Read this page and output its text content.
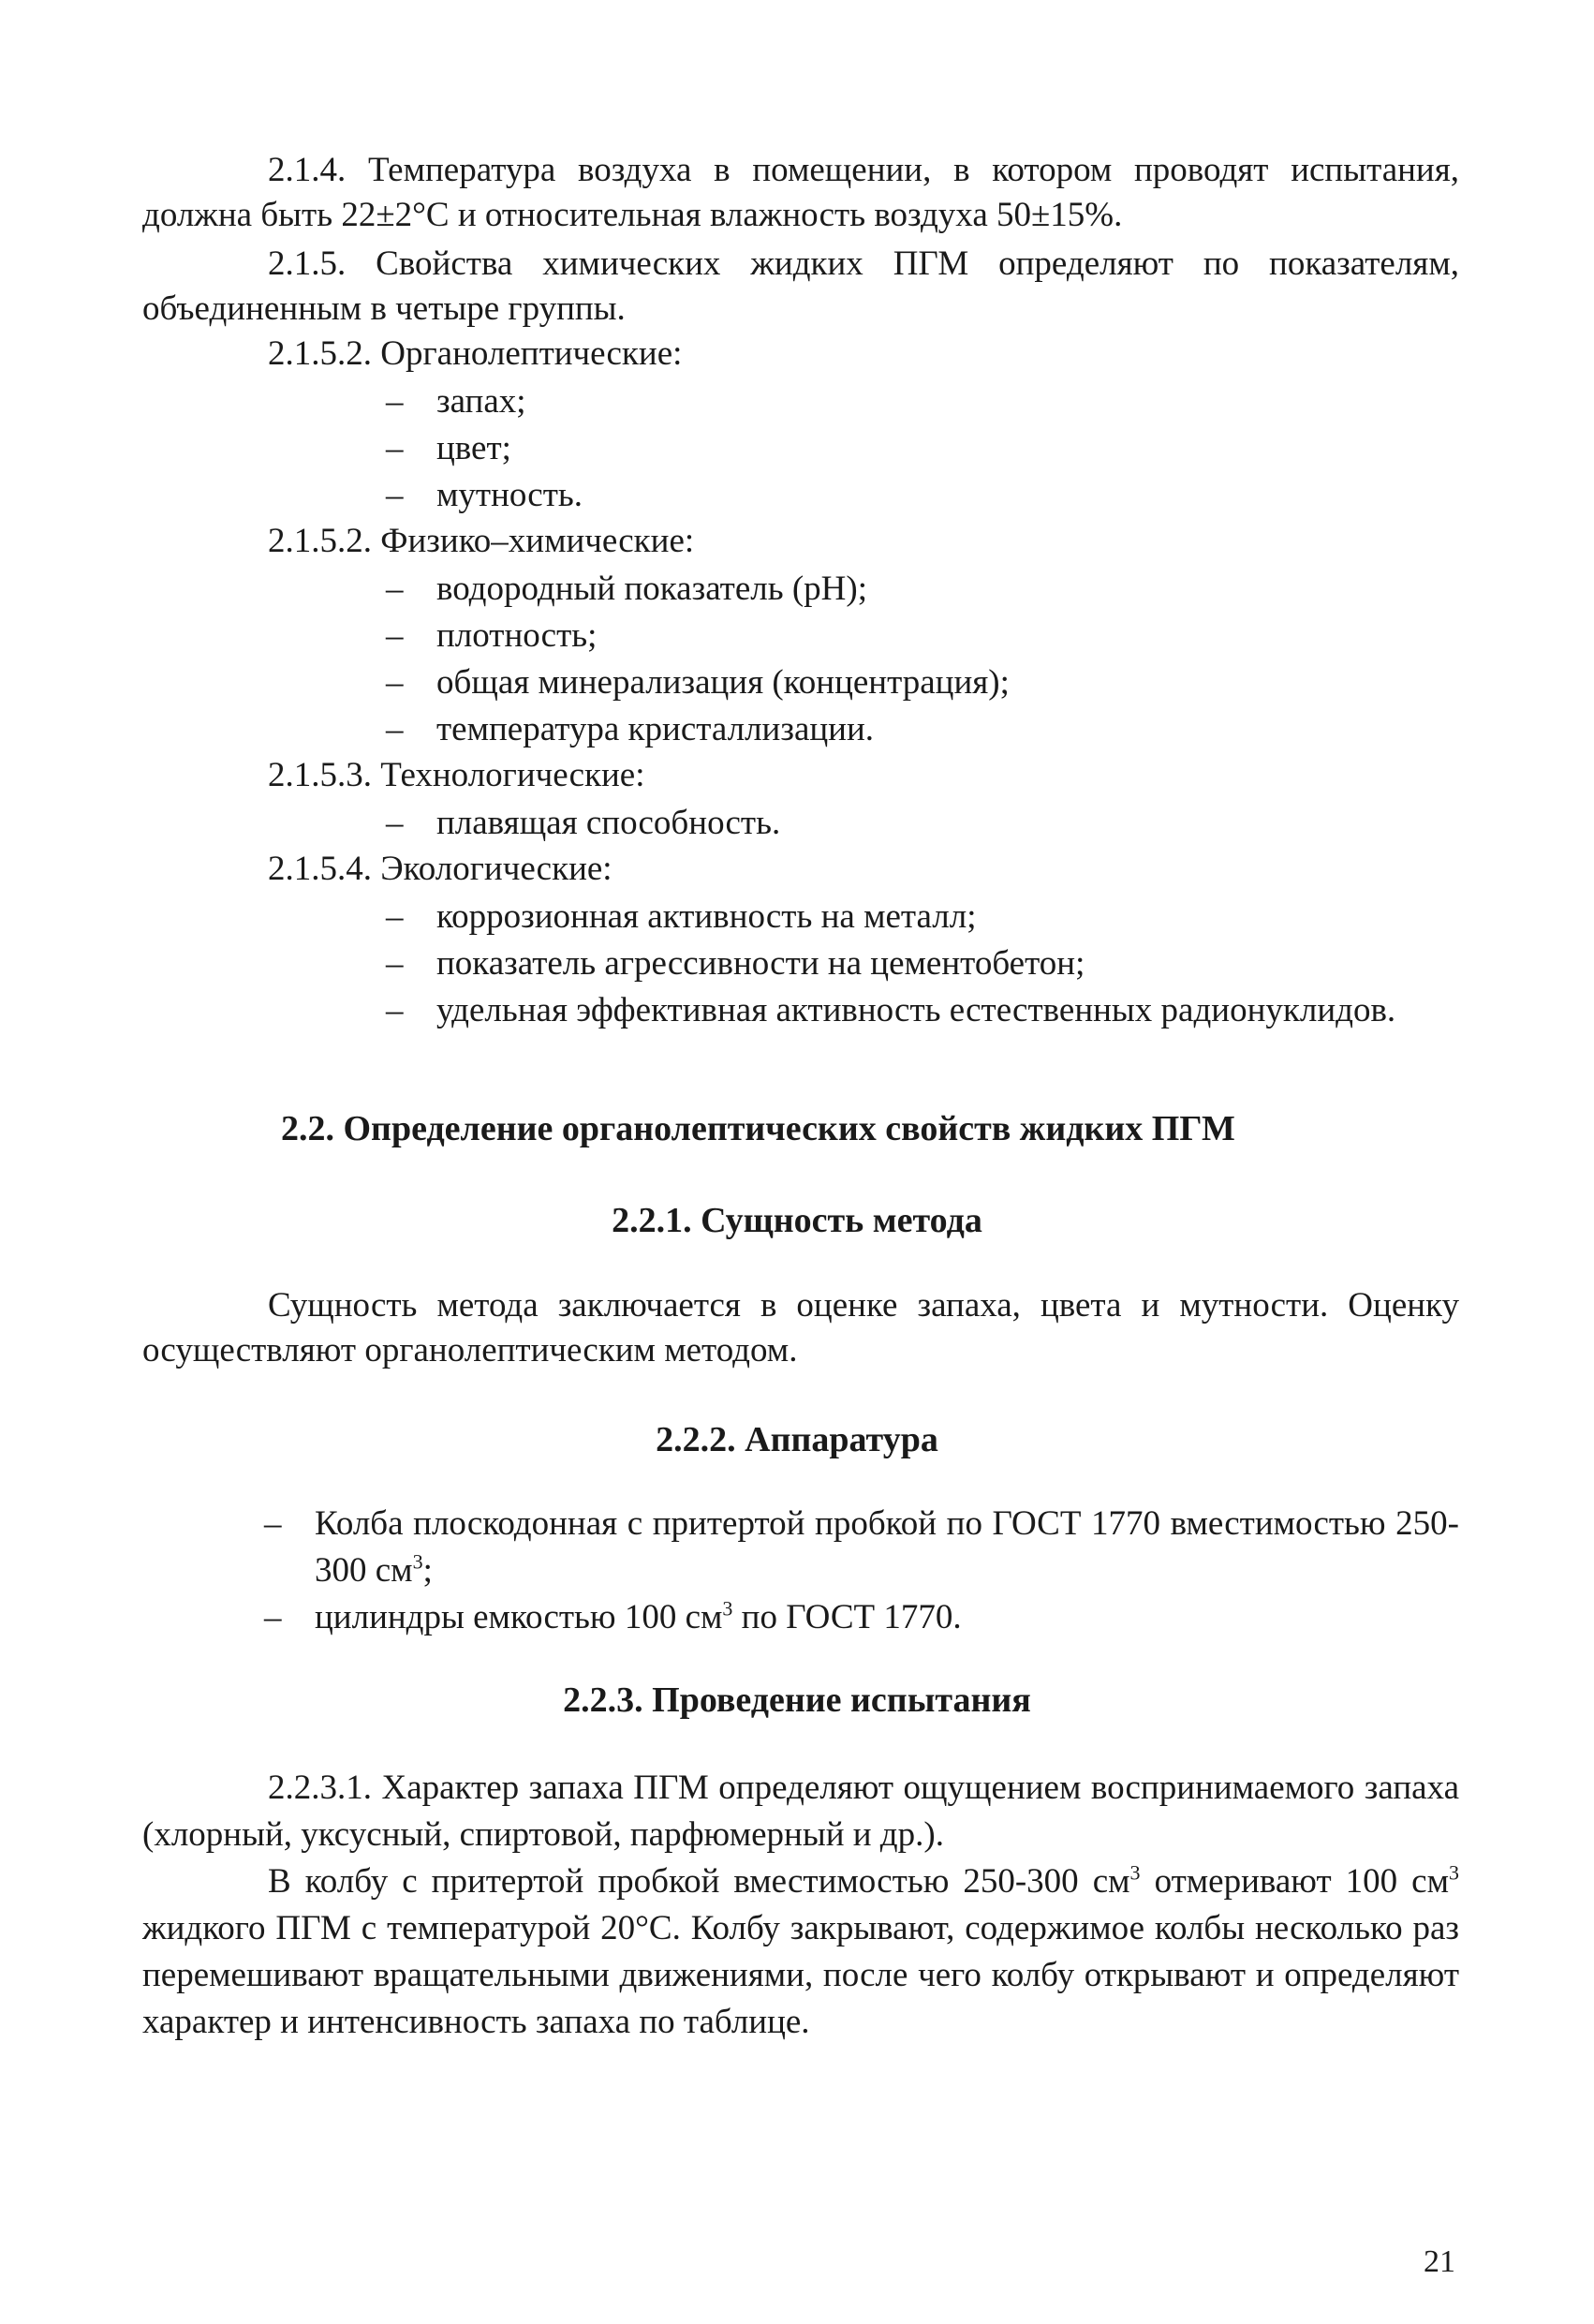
2.1.4. Температура воздуха в помещении, в котором проводят испытания, должна быть 22±2°С и относительная влажность воздуха 50±15%.

2.1.5. Свойства химических жидких ПГМ определяют по показателям, объединенным в четыре группы.

2.1.5.2. Органолептические:

– запах;
– цвет;
– мутность.

2.1.5.2. Физико–химические:

– водородный показатель (рН);
– плотность;
– общая минерализация (концентрация);
– температура кристаллизации.

2.1.5.3. Технологические:

– плавящая способность.

2.1.5.4. Экологические:

– коррозионная активность на металл;
– показатель агрессивности на цементобетон;
– удельная эффективная активность естественных радионуклидов.

2.2. Определение органолептических свойств жидких ПГМ

2.2.1. Сущность метода

Сущность метода заключается в оценке запаха, цвета и мутности. Оценку осуществляют органолептическим методом.

2.2.2. Аппаратура

– Колба плоскодонная с притертой пробкой по ГОСТ 1770 вместимостью 250-300 $см^3$;
– цилиндры емкостью 100 $см^3$ по ГОСТ 1770.

2.2.3. Проведение испытания

2.2.3.1. Характер запаха ПГМ определяют ощущением воспринимаемого запаха (хлорный, уксусный, спиртовой, парфюмерный и др.).

В колбу с притертой пробкой вместимостью 250-300 $см^3$ отмеривают 100 $см^3$ жидкого ПГМ с температурой 20°С. Колбу закрывают, содержимое колбы несколько раз перемешивают вращательными движениями, после чего колбу открывают и определяют характер и интенсивность запаха по таблице.

21
